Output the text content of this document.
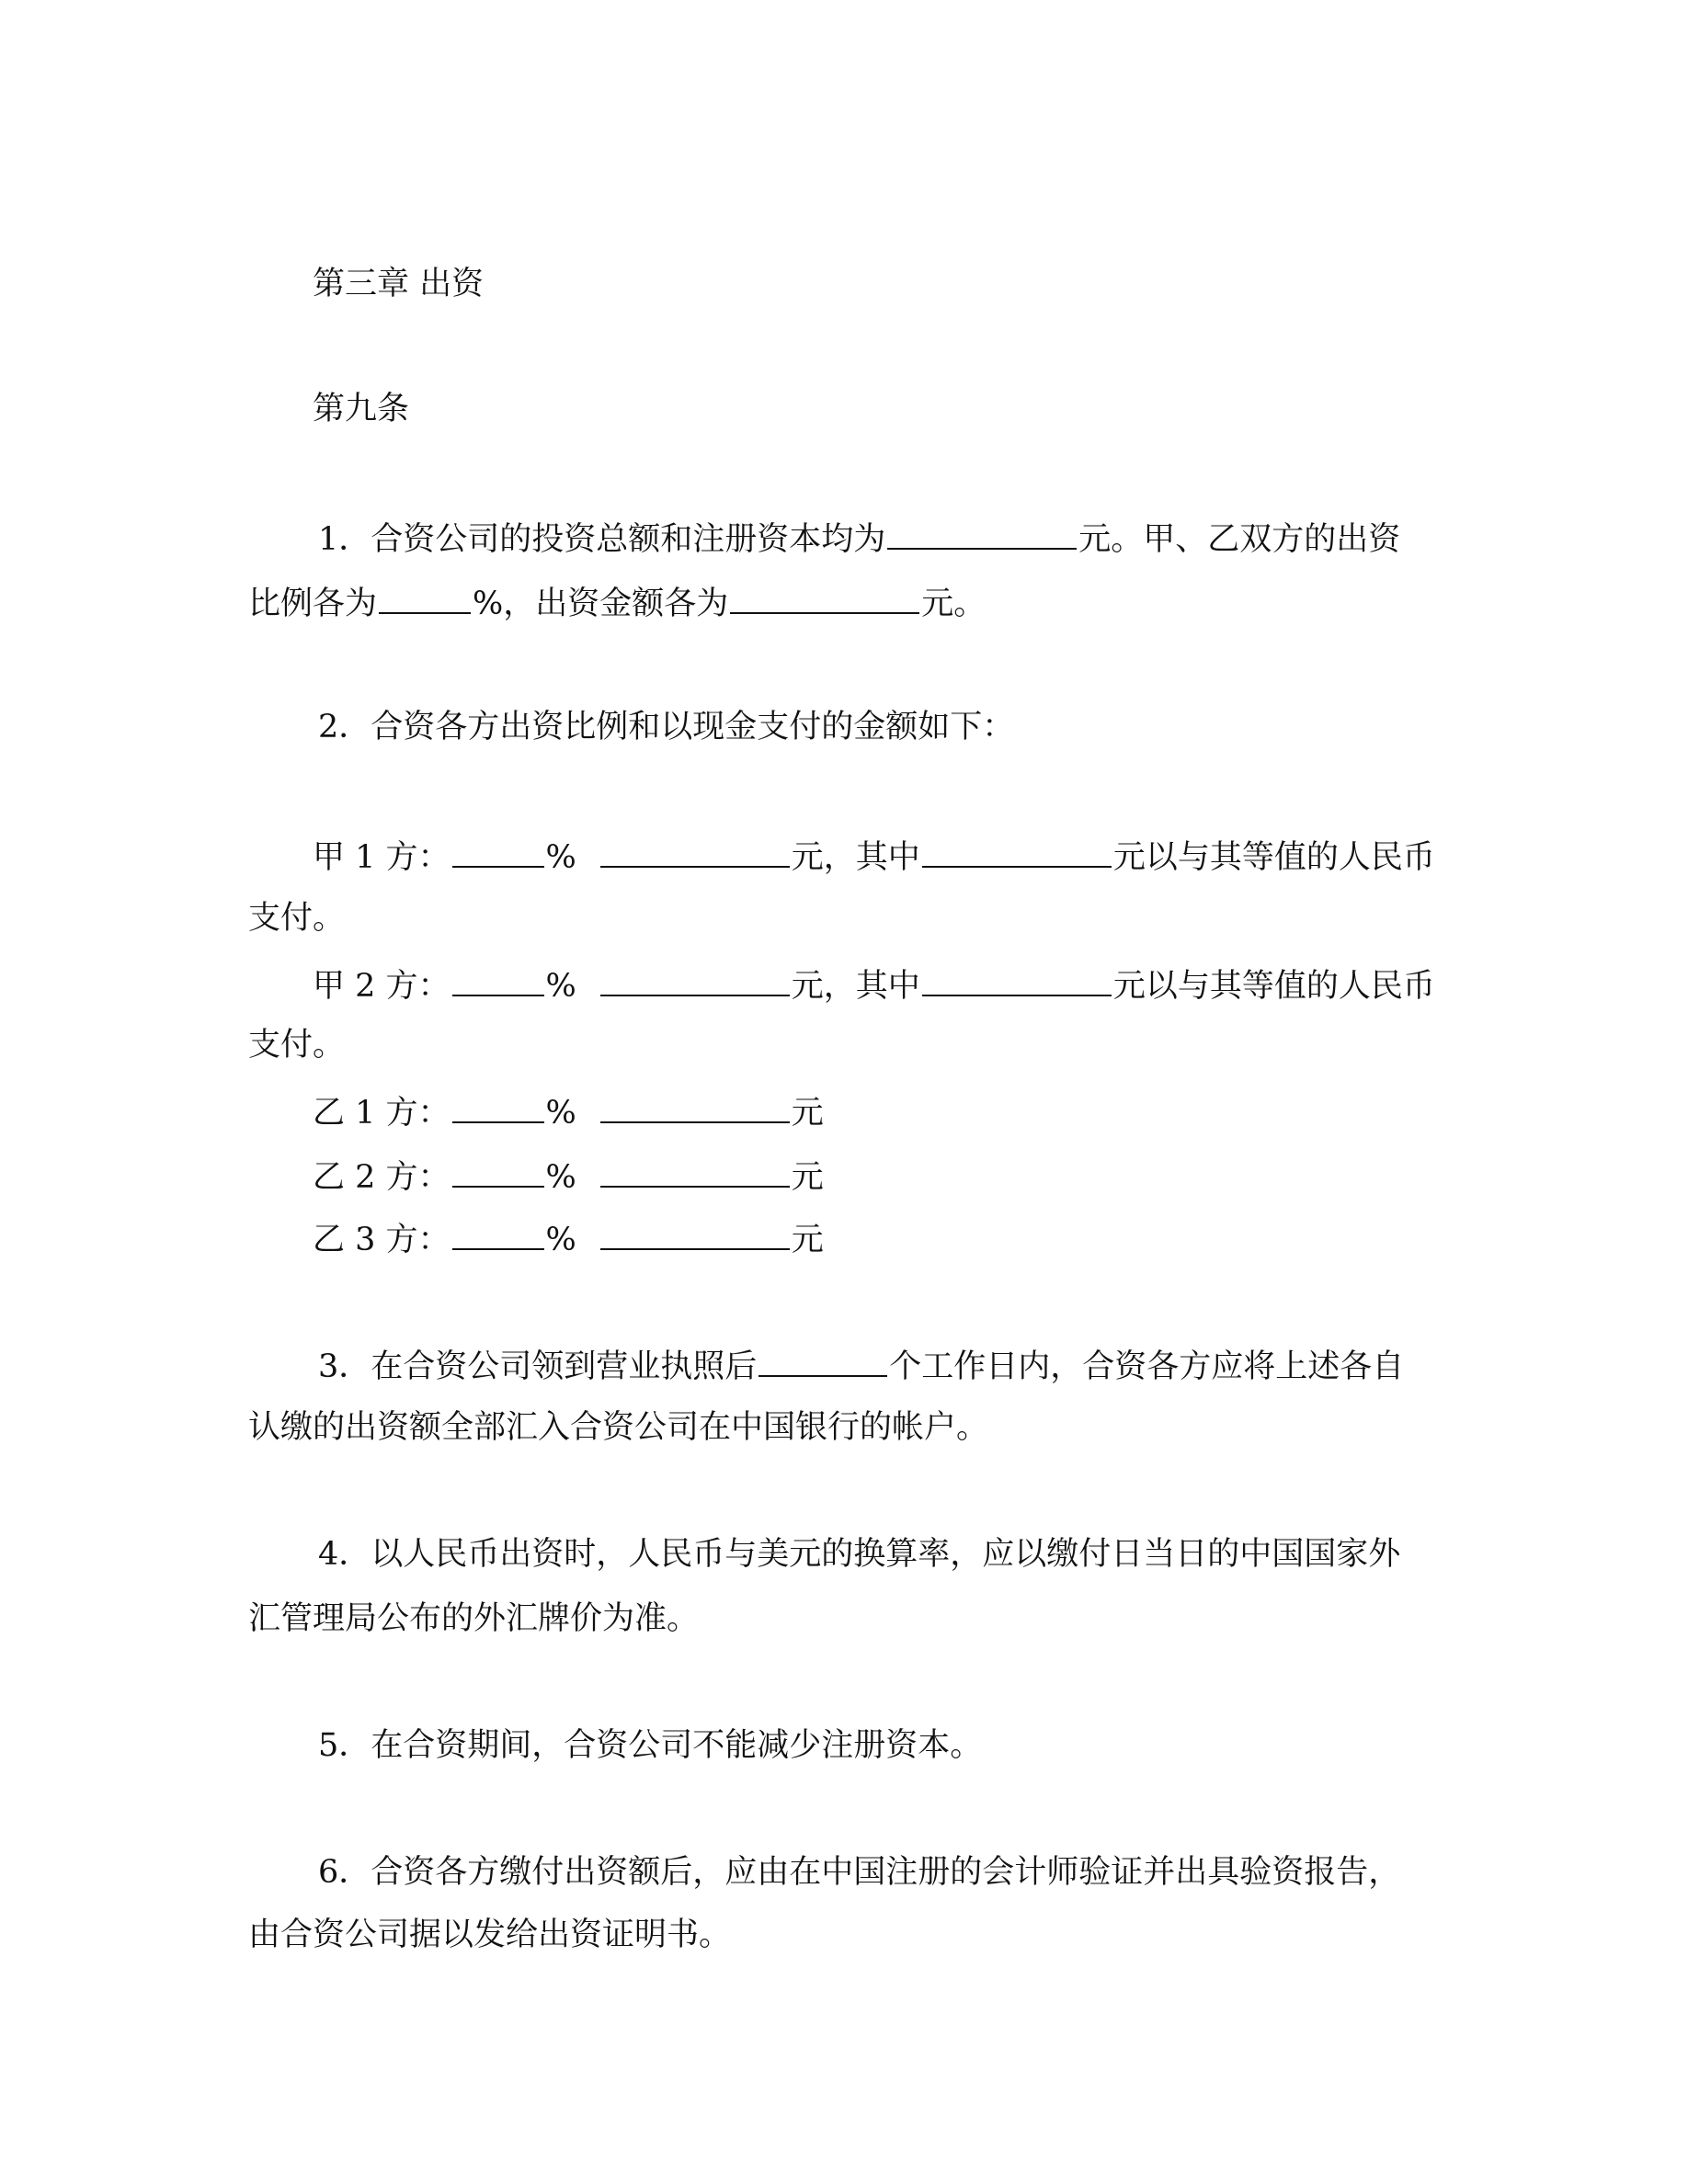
第三章 出资
第九条
1．合资公司的投资总额和注册资本均为	元。甲、乙双方的出资
比例各为	%，出资金额各为	元。
2．合资各方出资比例和以现金支付的金额如下：
甲 1 方：	%	元，其中	元以与其等值的人民币
支付。
甲 2 方：	%	元，其中	元以与其等值的人民币
支付。
乙 1 方：	%	元
乙 2 方：	%	元
乙 3 方：	%	元
3．在合资公司领到营业执照后	个工作日内，合资各方应将上述各自
认缴的出资额全部汇入合资公司在中国银行的帐户。
4．以人民币出资时，人民币与美元的换算率，应以缴付日当日的中国国家外
汇管理局公布的外汇牌价为准。
5．在合资期间，合资公司不能减少注册资本。
6．合资各方缴付出资额后，应由在中国注册的会计师验证并出具验资报告，
由合资公司据以发给出资证明书。
